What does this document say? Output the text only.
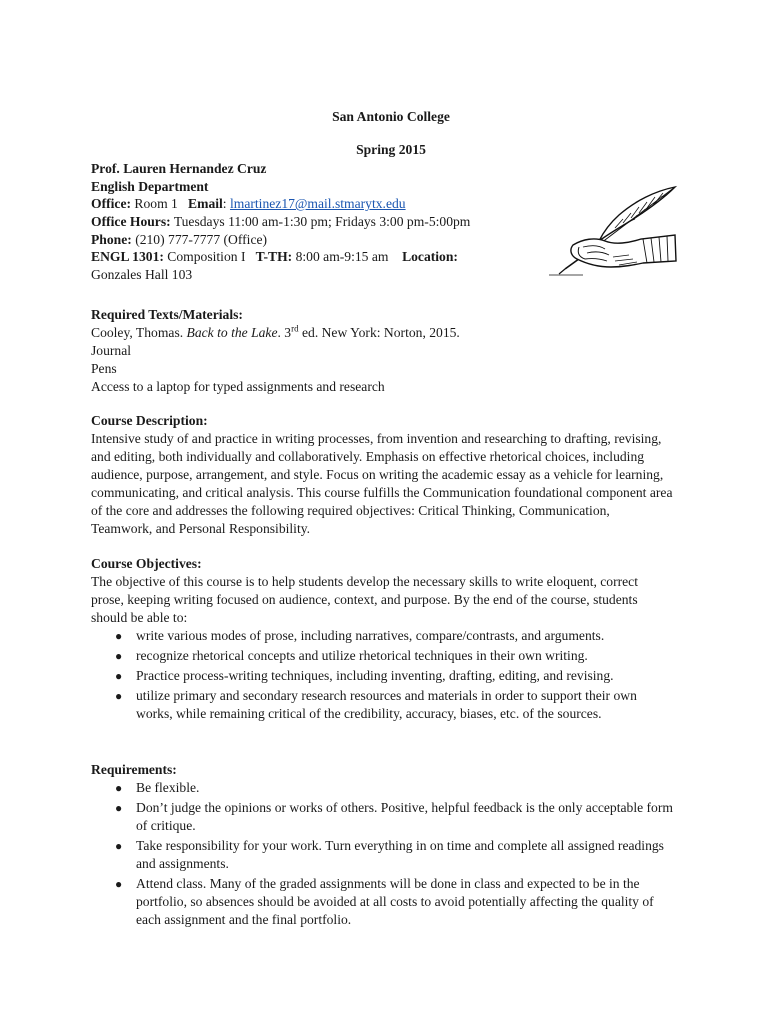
San Antonio College
Spring 2015
Prof. Lauren Hernandez Cruz
English Department
Office: Room 1 Email: lmartinez17@mail.stmarytx.edu
Office Hours: Tuesdays 11:00 am-1:30 pm; Fridays 3:00 pm-5:00pm
Phone: (210) 777-7777 (Office)
ENGL 1301: Composition I T-TH: 8:00 am-9:15 am Location:
Gonzales Hall 103
Required Texts/Materials:
Cooley, Thomas. Back to the Lake. 3rd ed. New York: Norton, 2015.
Journal
Pens
Access to a laptop for typed assignments and research
Course Description:

Intensive study of and practice in writing processes, from invention and researching to drafting, revising, and editing, both individually and collaboratively. Emphasis on effective rhetorical choices, including audience, purpose, arrangement, and style. Focus on writing the academic essay as a vehicle for learning, communicating, and critical analysis. This course fulfills the Communication foundational component area of the core and addresses the following required objectives: Critical Thinking, Communication, Teamwork, and Personal Responsibility.

Course Objectives:

The objective of this course is to help students develop the necessary skills to write eloquent, correct prose, keeping writing focused on audience, context, and purpose. By the end of the course, students should be able to:

● write various modes of prose, including narratives, compare/contrasts, and arguments.
● recognize rhetorical concepts and utilize rhetorical techniques in their own writing.
● Practice process-writing techniques, including inventing, drafting, editing, and revising.
● utilize primary and secondary research resources and materials in order to support their own works, while remaining critical of the credibility, accuracy, biases, etc. of the sources.
Requirements:
● Be flexible.
● Don’t judge the opinions or works of others. Positive, helpful feedback is the only acceptable form of critique.
● Take responsibility for your work. Turn everything in on time and complete all assigned readings and assignments.
● Attend class. Many of the graded assignments will be done in class and expected to be in the portfolio, so absences should be avoided at all costs to avoid potentially affecting the quality of each assignment and the final portfolio.
